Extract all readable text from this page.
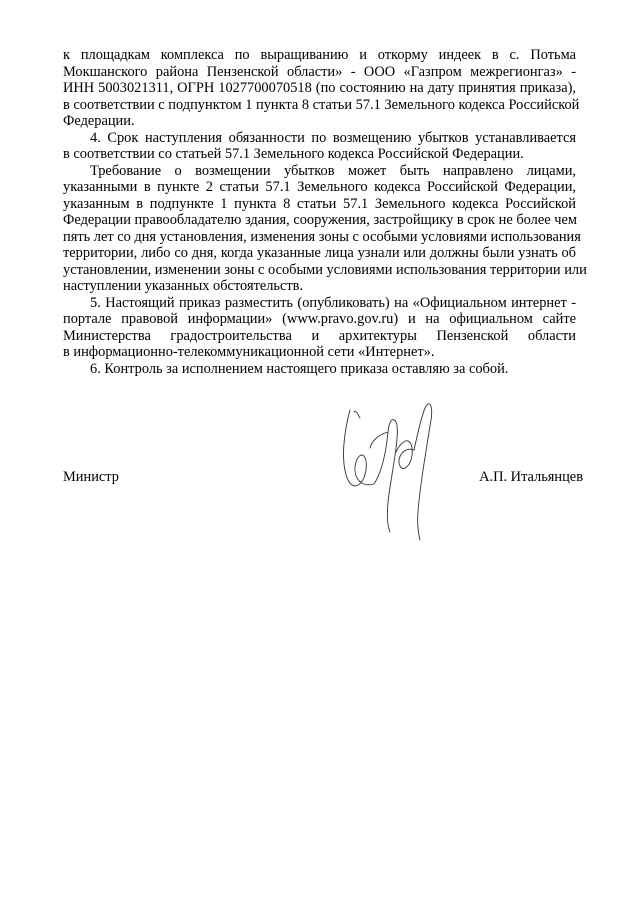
к площадкам комплекса по выращиванию и откорму индеек в с. Потьма
Мокшанского района Пензенской области» - ООО «Газпром межрегионгаз» -
ИНН 5003021311, ОГРН 1027700070518 (по состоянию на дату принятия приказа),
в соответствии с подпунктом 1 пункта 8 статьи 57.1 Земельного кодекса Российской
Федерации.
4. Срок наступления обязанности по возмещению убытков устанавливается
в соответствии со статьей 57.1 Земельного кодекса Российской Федерации.
Требование о возмещении убытков может быть направлено лицами,
указанными в пункте 2 статьи 57.1 Земельного кодекса Российской Федерации,
указанным в подпункте 1 пункта 8 статьи 57.1 Земельного кодекса Российской
Федерации правообладателю здания, сооружения, застройщику в срок не более чем
пять лет со дня установления, изменения зоны с особыми условиями использования
территории, либо со дня, когда указанные лица узнали или должны были узнать об
установлении, изменении зоны с особыми условиями использования территории или
наступлении указанных обстоятельств.
5. Настоящий приказ разместить (опубликовать) на «Официальном интернет -
портале правовой информации» (www.pravo.gov.ru) и на официальном сайте
Министерства градостроительства и архитектуры Пензенской области
в информационно-телекоммуникационной сети «Интернет».
6. Контроль за исполнением настоящего приказа оставляю за собой.
Министр	А.П. Итальянцев
